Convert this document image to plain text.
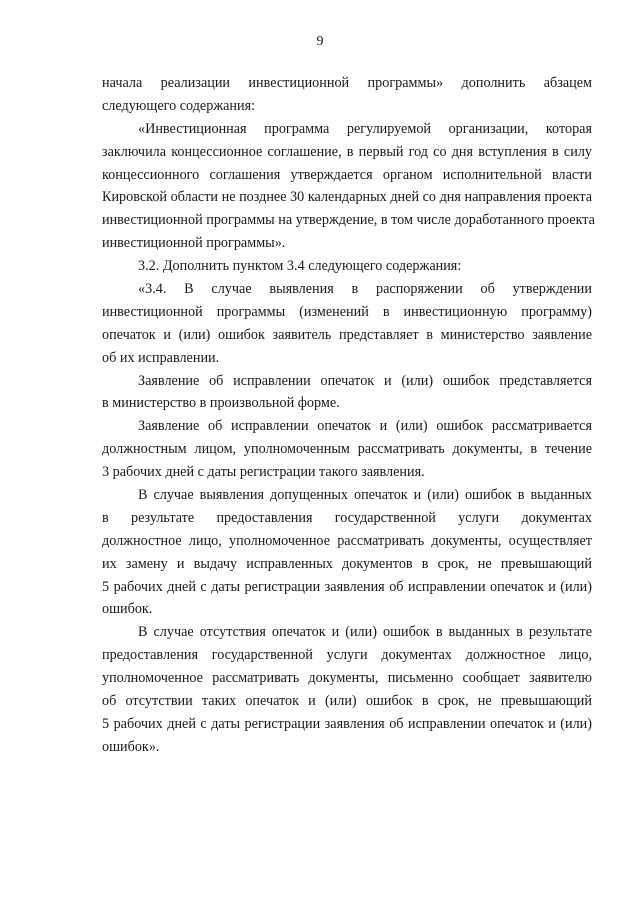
9
начала реализации инвестиционной программы» дополнить абзацем
следующего содержания:
«Инвестиционная программа регулируемой организации, которая
заключила концессионное соглашение, в первый год со дня вступления в силу
концессионного соглашения утверждается органом исполнительной власти
Кировской области не позднее 30 календарных дней со дня направления проекта
инвестиционной программы на утверждение, в том числе доработанного проекта
инвестиционной программы».
3.2. Дополнить пунктом 3.4 следующего содержания:
«3.4. В случае выявления в распоряжении об утверждении
инвестиционной программы (изменений в инвестиционную программу)
опечаток и (или) ошибок заявитель представляет в министерство заявление
об их исправлении.
Заявление об исправлении опечаток и (или) ошибок представляется
в министерство в произвольной форме.
Заявление об исправлении опечаток и (или) ошибок рассматривается
должностным лицом, уполномоченным рассматривать документы, в течение
3 рабочих дней с даты регистрации такого заявления.
В случае выявления допущенных опечаток и (или) ошибок в выданных
в результате предоставления государственной услуги документах
должностное лицо, уполномоченное рассматривать документы, осуществляет
их замену и выдачу исправленных документов в срок, не превышающий
5 рабочих дней с даты регистрации заявления об исправлении опечаток и (или)
ошибок.
В случае отсутствия опечаток и (или) ошибок в выданных в результате
предоставления государственной услуги документах должностное лицо,
уполномоченное рассматривать документы, письменно сообщает заявителю
об отсутствии таких опечаток и (или) ошибок в срок, не превышающий
5 рабочих дней с даты регистрации заявления об исправлении опечаток и (или)
ошибок».
